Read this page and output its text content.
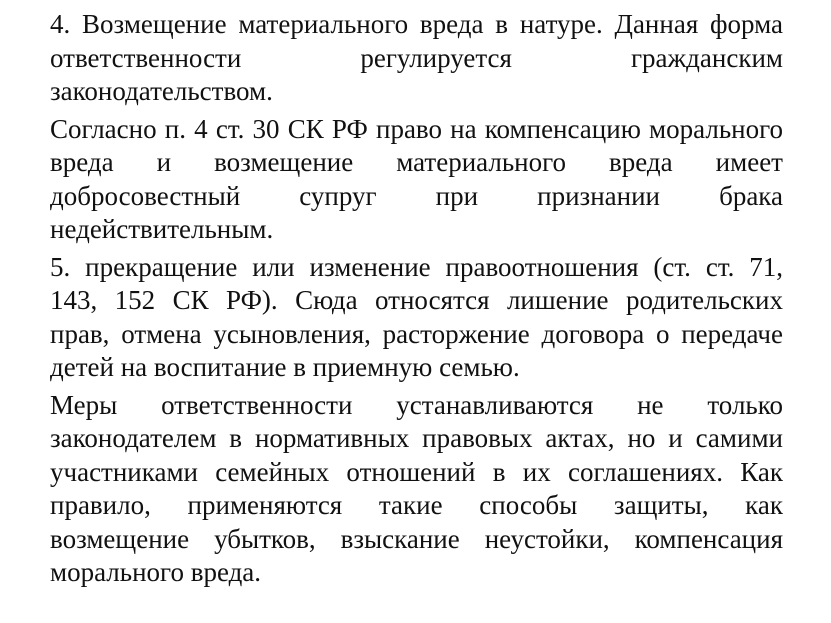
4. Возмещение материального вреда в натуре. Данная форма
ответственности регулируется гражданским
законодательством.

Согласно п. 4 ст. 30 СК РФ право на компенсацию морального
вреда и возмещение материального вреда имеет
добросовестный супруг при признании брака
недействительным.

5. прекращение или изменение правоотношения (ст. ст. 71,
143, 152 СК РФ). Сюда относятся лишение родительских
прав, отмена усыновления, расторжение договора о передаче
детей на воспитание в приемную семью.

Меры ответственности устанавливаются не только
законодателем в нормативных правовых актах, но и самими
участниками семейных отношений в их соглашениях. Как
правило, применяются такие способы защиты, как
возмещение убытков, взыскание неустойки, компенсация
морального вреда.
